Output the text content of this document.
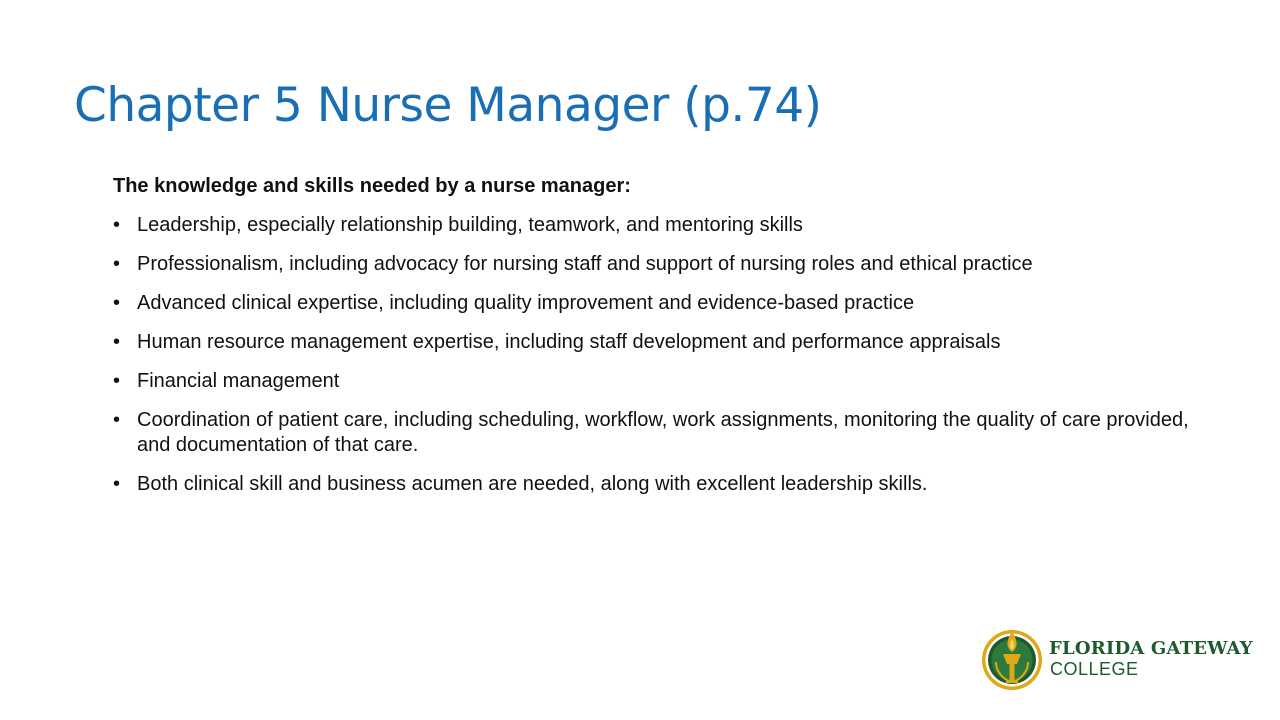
Chapter 5 Nurse Manager (p.74)

The knowledge and skills needed by a nurse manager:

• Leadership, especially relationship building, teamwork, and mentoring skills
• Professionalism, including advocacy for nursing staff and support of nursing roles and ethical practice
• Advanced clinical expertise, including quality improvement and evidence-based practice
• Human resource management expertise, including staff development and performance appraisals
• Financial management
• Coordination of patient care, including scheduling, workflow, work assignments, monitoring the quality of care provided, and documentation of that care.
• Both clinical skill and business acumen are needed, along with excellent leadership skills.
FLORIDA GATEWAY
COLLEGE
